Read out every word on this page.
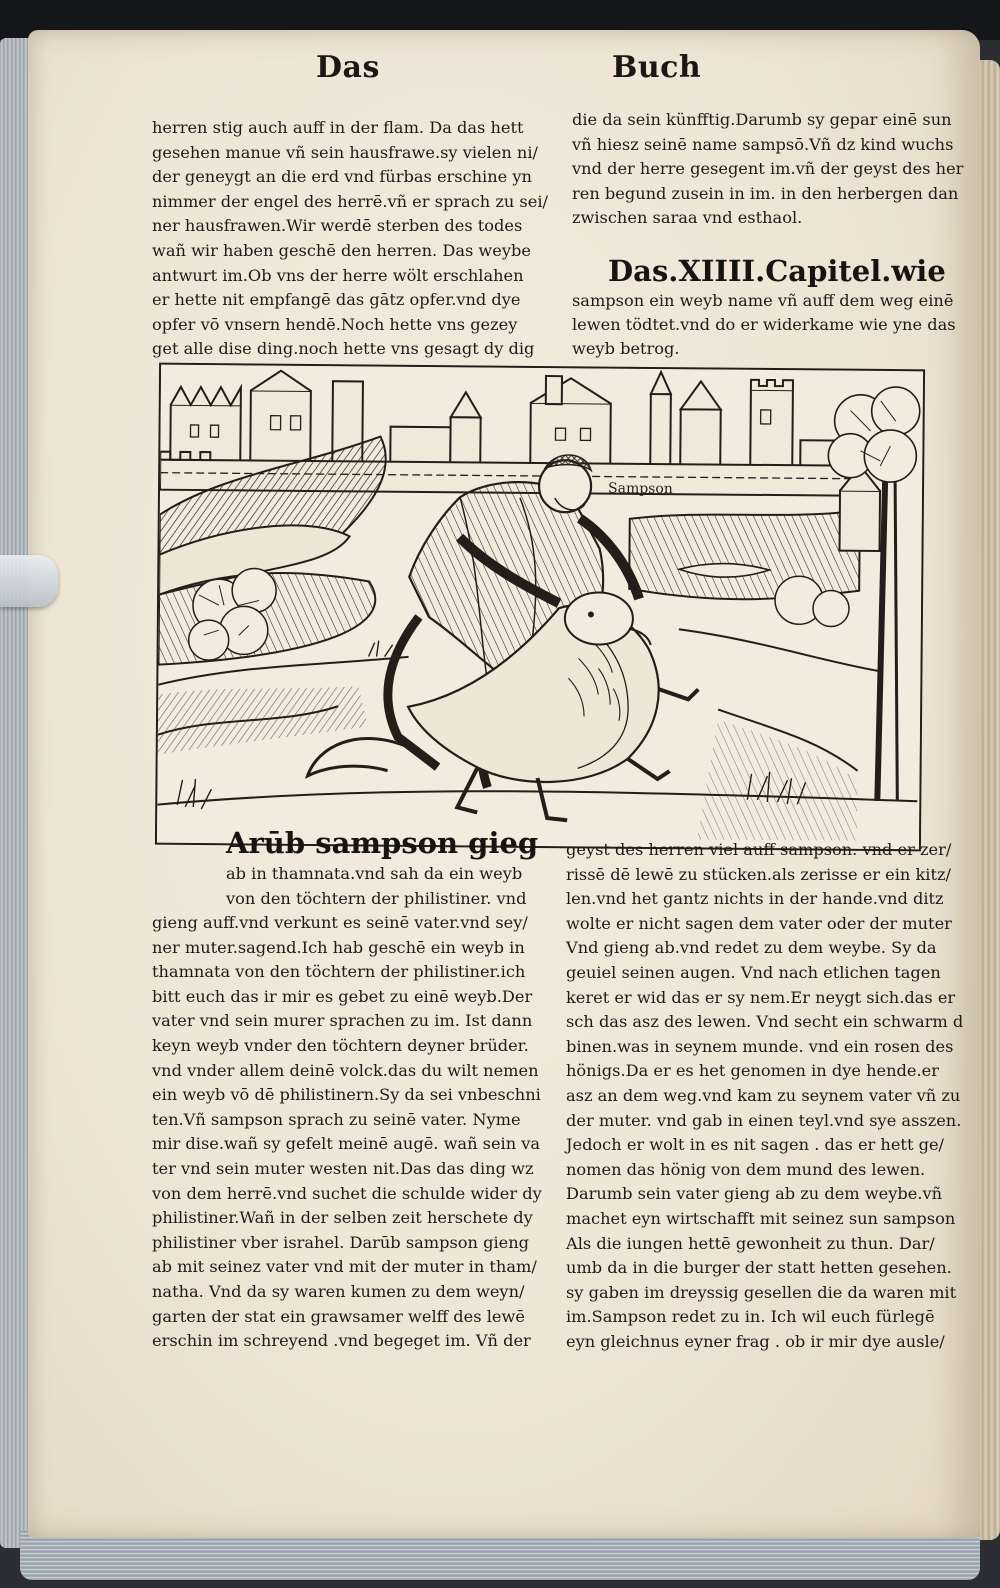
Das	Buch
herren stig auch auff in der flam. Da das hett
gesehen manue vñ sein hausfrawe.sy vielen ni/
der geneygt an die erd vnd fürbas erschine yn
nimmer der engel des herrē.vñ er sprach zu sei/
ner hausfrawen.Wir werdē sterben des todes
wañ wir haben geschē den herren. Das weybe
antwurt im.Ob vns der herre wölt erschlahen
er hette nit empfangē das gātz opfer.vnd dye
opfer vō vnsern hendē.Noch hette vns gezey
get alle dise ding.noch hette vns gesagt dy dig
die da sein künfftig.Darumb sy gepar einē sun
vñ hiesz seinē name sampsō.Vñ dz kind wuchs
vnd der herre gesegent im.vñ der geyst des her
ren begund zusein in im. in den herbergen dan
zwischen saraa vnd esthaol.
Das.XIIII.Capitel.wie
sampson ein weyb name vñ auff dem weg einē
lewen tödtet.vnd do er widerkame wie yne das
weyb betrog.
Sampson
Arūb sampson gieg
ab in thamnata.vnd sah da ein weyb
von den töchtern der philistiner. vnd
gieng auff.vnd verkunt es seinē vater.vnd sey/
ner muter.sagend.Ich hab geschē ein weyb in
thamnata von den töchtern der philistiner.ich
bitt euch das ir mir es gebet zu einē weyb.Der
vater vnd sein murer sprachen zu im. Ist dann
keyn weyb vnder den töchtern deyner brüder.
vnd vnder allem deinē volck.das du wilt nemen
ein weyb vō dē philistinern.Sy da sei vnbeschni
ten.Vñ sampson sprach zu seinē vater. Nyme
mir dise.wañ sy gefelt meinē augē. wañ sein va
ter vnd sein muter westen nit.Das das ding wz
von dem herrē.vnd suchet die schulde wider dy
philistiner.Wañ in der selben zeit herschete dy
philistiner vber israhel. Darūb sampson gieng
ab mit seinez vater vnd mit der muter in tham/
natha. Vnd da sy waren kumen zu dem weyn/
garten der stat ein grawsamer welff des lewē
erschin im schreyend .vnd begeget im. Vñ der
geyst des herren viel auff sampson. vnd er zer/
rissē dē lewē zu stücken.als zerisse er ein kitz/
len.vnd het gantz nichts in der hande.vnd ditz
wolte er nicht sagen dem vater oder der muter
Vnd gieng ab.vnd redet zu dem weybe. Sy da
geuiel seinen augen. Vnd nach etlichen tagen
keret er wid das er sy nem.Er neygt sich.das er
sch das asz des lewen. Vnd secht ein schwarm d
binen.was in seynem munde. vnd ein rosen des
hönigs.Da er es het genomen in dye hende.er
asz an dem weg.vnd kam zu seynem vater vñ zu
der muter. vnd gab in einen teyl.vnd sye asszen.
Jedoch er wolt in es nit sagen . das er hett ge/
nomen das hönig von dem mund des lewen.
Darumb sein vater gieng ab zu dem weybe.vñ
machet eyn wirtschafft mit seinez sun sampson
Als die iungen hettē gewonheit zu thun. Dar/
umb da in die burger der statt hetten gesehen.
sy gaben im dreyssig gesellen die da waren mit
im.Sampson redet zu in. Ich wil euch fürlegē
eyn gleichnus eyner frag . ob ir mir dye ausle/
